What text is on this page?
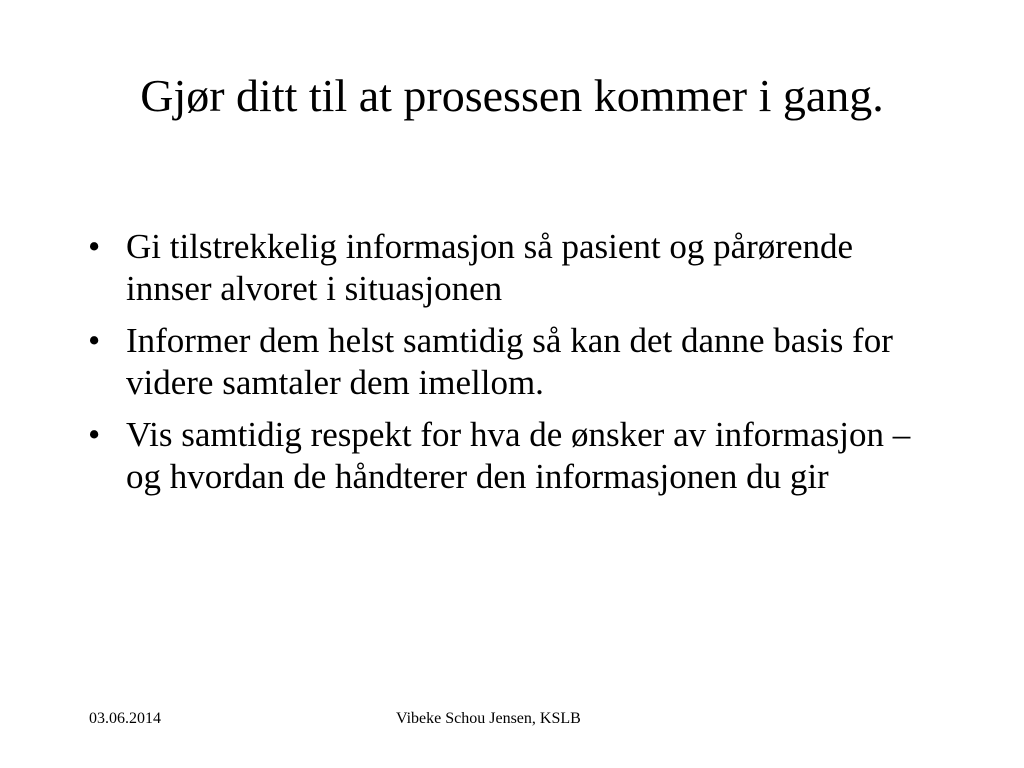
Gjør ditt til at prosessen kommer i gang.
• Gi tilstrekkelig informasjon så pasient og pårørende innser alvoret i situasjonen
• Informer dem helst samtidig så kan det danne basis for videre samtaler dem imellom.
• Vis samtidig respekt for hva de ønsker av informasjon – og hvordan de håndterer den informasjonen du gir
03.06.2014	Vibeke Schou Jensen, KSLB
